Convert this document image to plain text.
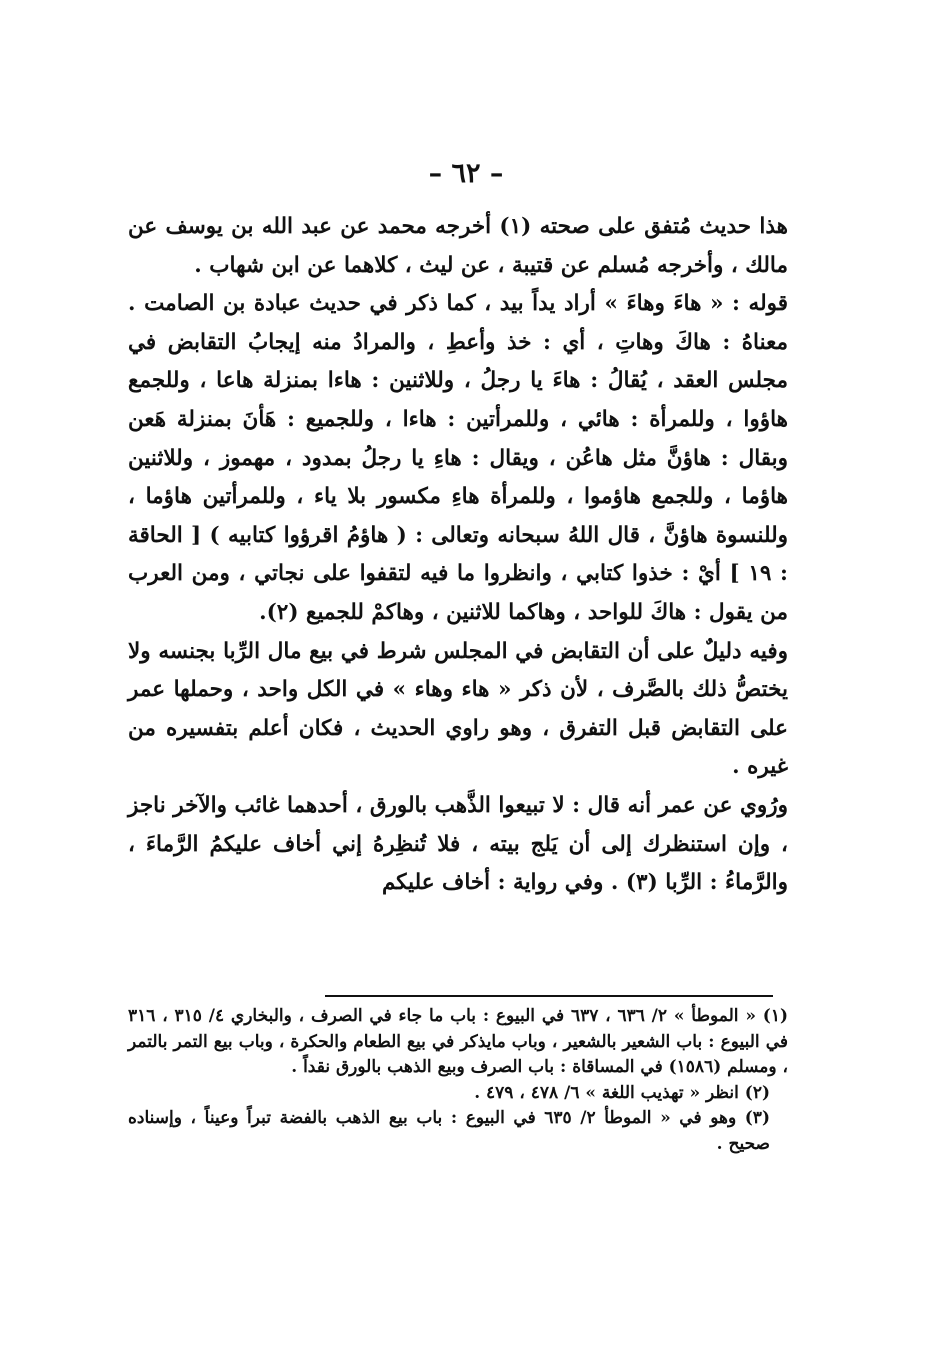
– ٦٢ –

هذا حديث مُتفق على صحته (١) أخرجه محمد عن عبد الله بن يوسف عن مالك ، وأخرجه مُسلم عن قتيبة ، عن ليث ، كلاهما عن ابن شهاب .

قوله : « هاءَ وهاءَ » أراد يداً بيد ، كما ذكر في حديث عبادة بن الصامت . معناهُ : هاكَ وهاتِ ، أي : خذ وأعطِ ، والمرادُ منه إيجابُ التقابض في مجلس العقد ، يُقالُ : هاءَ يا رجلُ ، وللاثنين : هاءا بمنزلة هاعا ، وللجمع هاؤوا ، وللمرأة : هائي ، وللمرأتين : هاءا ، وللجميع : هَأنَ بمنزلة هَعن وبقال : هاؤنَّ مثل هاعُن ، ويقال : هاءِ يا رجلُ بمدود ، مهموز ، وللاثنين هاؤما ، وللجمع هاؤموا ، وللمرأة هاءِ مكسور بلا ياء ، وللمرأتين هاؤما ، وللنسوة هاؤنَّ ، قال اللهُ سبحانه وتعالى : ( هاؤمُ اقرؤوا كتابيه ) [ الحاقة : ١٩ ] أيْ : خذوا كتابي ، وانظروا ما فيه لتقفوا على نجاتي ، ومن العرب من يقول : هاكَ للواحد ، وهاكما للاثنين ، وهاكمْ للجميع (٢).

وفيه دليلٌ على أن التقابض في المجلس شرط في بيع مال الرِّبا بجنسه ولا يختصُّ ذلك بالصَّرف ، لأن ذكر « هاء وهاء » في الكل واحد ، وحملها عمر على التقابض قبل التفرق ، وهو راوي الحديث ، فكان أعلم بتفسيره من غيره .

ورُوي عن عمر أنه قال : لا تبيعوا الذَّهب بالورق ، أحدهما غائب والآخر ناجز ، وإن استنظرك إلى أن يَلج بيته ، فلا تُنظِرهُ إني أخاف عليكمُ الرَّماءَ ، والرَّماءُ : الرِّبا (٣) . وفي رواية : أخاف عليكم

(١) « الموطأ » ٢/ ٦٣٦ ، ٦٣٧ في البيوع : باب ما جاء في الصرف ، والبخاري ٤/ ٣١٥ ، ٣١٦ في البيوع : باب الشعير بالشعير ، وباب مايذكر في بيع الطعام والحكرة ، وباب بيع التمر بالتمر ، ومسلم (١٥٨٦) في المساقاة : باب الصرف وبيع الذهب بالورق نقداً .

(٢) انظر « تهذيب اللغة » ٦/ ٤٧٨ ، ٤٧٩ .

(٣) وهو في « الموطأ ٢/ ٦٣٥ في البيوع : باب بيع الذهب بالفضة تبراً وعيناً ، وإسناده صحيح .
